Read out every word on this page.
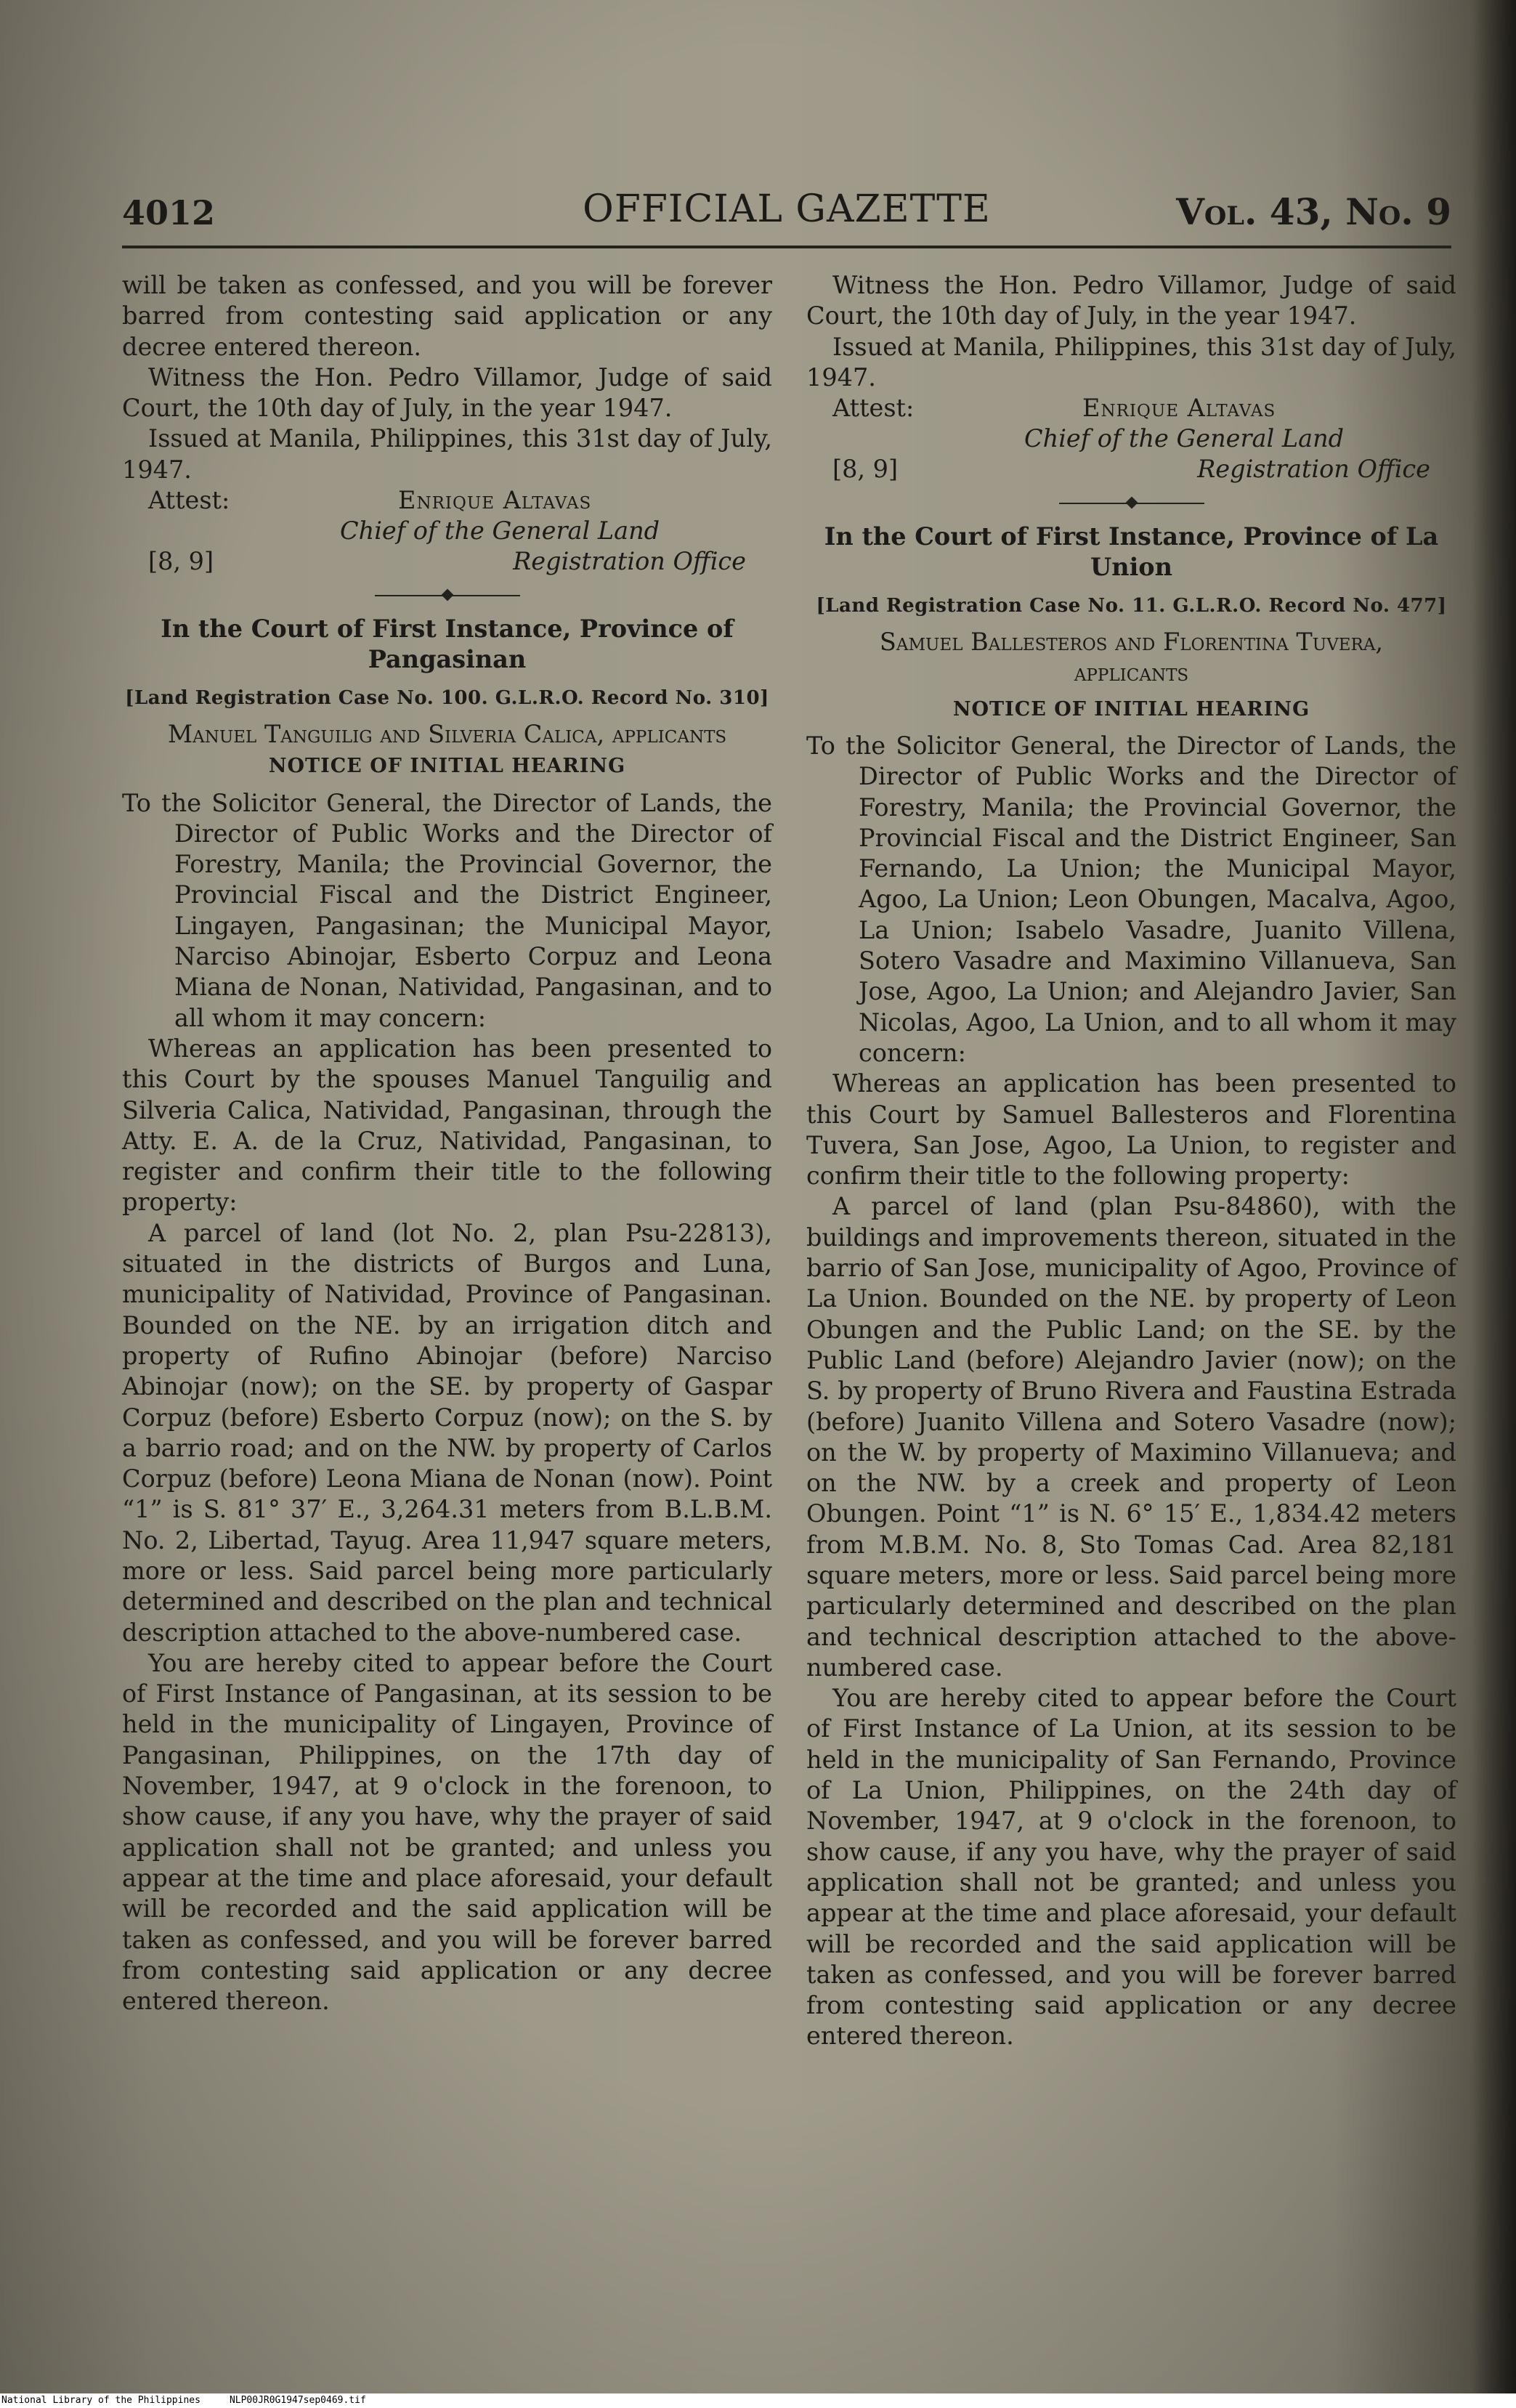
4012	OFFICIAL GAZETTE	Vol. 43, No. 9

will be taken as confessed, and you will be forever barred from contesting said application or any decree entered thereon.

Witness the Hon. Pedro Villamor, Judge of said Court, the 10th day of July, in the year 1947.

Issued at Manila, Philippines, this 31st day of July, 1947.

Attest:	Enrique Altavas
Chief of the General Land
[8, 9]	Registration Office

In the Court of First Instance, Province of Pangasinan

[Land Registration Case No. 100. G.L.R.O. Record No. 310]

Manuel Tanguilig and Silveria Calica, applicants

NOTICE OF INITIAL HEARING

To the Solicitor General, the Director of Lands, the Director of Public Works and the Director of Forestry, Manila; the Provincial Governor, the Provincial Fiscal and the District Engineer, Lingayen, Pangasinan; the Municipal Mayor, Narciso Abinojar, Esberto Corpuz and Leona Miana de Nonan, Natividad, Pangasinan, and to all whom it may concern:

Whereas an application has been presented to this Court by the spouses Manuel Tanguilig and Silveria Calica, Natividad, Pangasinan, through the Atty. E. A. de la Cruz, Natividad, Pangasinan, to register and confirm their title to the following property:

A parcel of land (lot No. 2, plan Psu-22813), situated in the districts of Burgos and Luna, municipality of Natividad, Province of Pangasinan. Bounded on the NE. by an irrigation ditch and property of Rufino Abinojar (before) Narciso Abinojar (now); on the SE. by property of Gaspar Corpuz (before) Esberto Corpuz (now); on the S. by a barrio road; and on the NW. by property of Carlos Corpuz (before) Leona Miana de Nonan (now). Point “1” is S. 81° 37′ E., 3,264.31 meters from B.L.B.M. No. 2, Libertad, Tayug. Area 11,947 square meters, more or less. Said parcel being more particularly determined and described on the plan and technical description attached to the above-numbered case.

You are hereby cited to appear before the Court of First Instance of Pangasinan, at its session to be held in the municipality of Lingayen, Province of Pangasinan, Philippines, on the 17th day of November, 1947, at 9 o'clock in the forenoon, to show cause, if any you have, why the prayer of said application shall not be granted; and unless you appear at the time and place aforesaid, your default will be recorded and the said application will be taken as confessed, and you will be forever barred from contesting said application or any decree entered thereon.

Witness the Hon. Pedro Villamor, Judge of said Court, the 10th day of July, in the year 1947.

Issued at Manila, Philippines, this 31st day of July, 1947.

Attest:	Enrique Altavas
Chief of the General Land
[8, 9]	Registration Office

In the Court of First Instance, Province of La Union

[Land Registration Case No. 11. G.L.R.O. Record No. 477]

Samuel Ballesteros and Florentina Tuvera, applicants

NOTICE OF INITIAL HEARING

To the Solicitor General, the Director of Lands, the Director of Public Works and the Director of Forestry, Manila; the Provincial Governor, the Provincial Fiscal and the District Engineer, San Fernando, La Union; the Municipal Mayor, Agoo, La Union; Leon Obungen, Macalva, Agoo, La Union; Isabelo Vasadre, Juanito Villena, Sotero Vasadre and Maximino Villanueva, San Jose, Agoo, La Union; and Alejandro Javier, San Nicolas, Agoo, La Union, and to all whom it may concern:

Whereas an application has been presented to this Court by Samuel Ballesteros and Florentina Tuvera, San Jose, Agoo, La Union, to register and confirm their title to the following property:

A parcel of land (plan Psu-84860), with the buildings and improvements thereon, situated in the barrio of San Jose, municipality of Agoo, Province of La Union. Bounded on the NE. by property of Leon Obungen and the Public Land; on the SE. by the Public Land (before) Alejandro Javier (now); on the S. by property of Bruno Rivera and Faustina Estrada (before) Juanito Villena and Sotero Vasadre (now); on the W. by property of Maximino Villanueva; and on the NW. by a creek and property of Leon Obungen. Point “1” is N. 6° 15′ E., 1,834.42 meters from M.B.M. No. 8, Sto Tomas Cad. Area 82,181 square meters, more or less. Said parcel being more particularly determined and described on the plan and technical description attached to the above-numbered case.

You are hereby cited to appear before the Court of First Instance of La Union, at its session to be held in the municipality of San Fernando, Province of La Union, Philippines, on the 24th day of November, 1947, at 9 o'clock in the forenoon, to show cause, if any you have, why the prayer of said application shall not be granted; and unless you appear at the time and place aforesaid, your default will be recorded and the said application will be taken as confessed, and you will be forever barred from contesting said application or any decree entered thereon.

National Library of the Philippines	NLP00JR0G1947sep0469.tif
